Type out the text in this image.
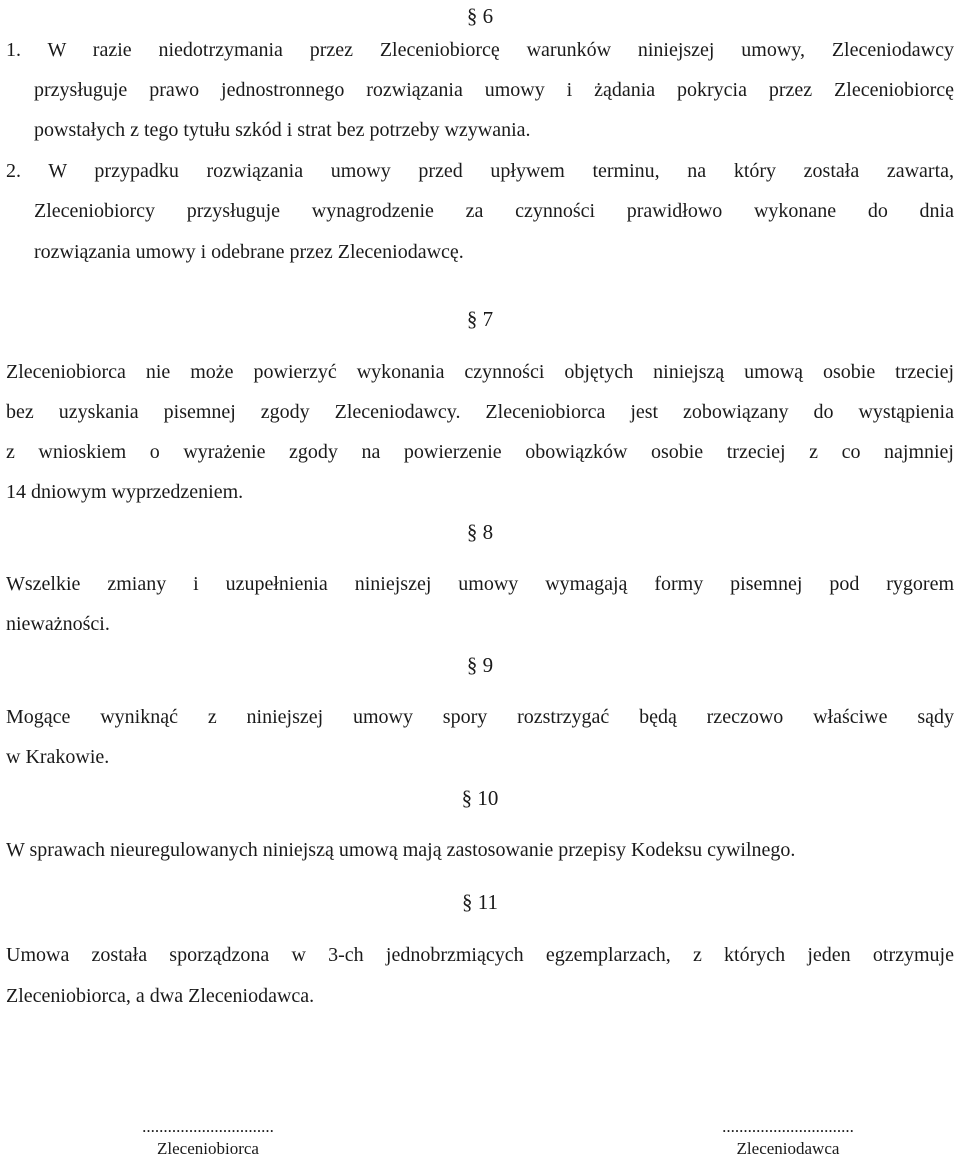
§ 6

1. W razie niedotrzymania przez Zleceniobiorcę warunków niniejszej umowy, Zleceniodawcy

przysługuje prawo jednostronnego rozwiązania umowy i żądania pokrycia przez Zleceniobiorcę

powstałych z tego tytułu szkód i strat bez potrzeby wzywania.

2. W przypadku rozwiązania umowy przed upływem terminu, na który została zawarta,

Zleceniobiorcy przysługuje wynagrodzenie za czynności prawidłowo wykonane do dnia

rozwiązania umowy i odebrane przez Zleceniodawcę.

§ 7

Zleceniobiorca nie może powierzyć wykonania czynności objętych niniejszą umową osobie trzeciej

bez uzyskania pisemnej zgody Zleceniodawcy. Zleceniobiorca jest zobowiązany do wystąpienia

z wnioskiem o wyrażenie zgody na powierzenie obowiązków osobie trzeciej z co najmniej

14 dniowym wyprzedzeniem.

§ 8

Wszelkie zmiany i uzupełnienia niniejszej umowy wymagają formy pisemnej pod rygorem

nieważności.

§ 9

Mogące wyniknąć z niniejszej umowy spory rozstrzygać będą rzeczowo właściwe sądy

w Krakowie.

§ 10

W sprawach nieuregulowanych niniejszą umową mają zastosowanie przepisy Kodeksu cywilnego.

§ 11

Umowa została sporządzona w 3-ch jednobrzmiących egzemplarzach, z których jeden otrzymuje

Zleceniobiorca, a dwa Zleceniodawca.

...............................
Zleceniobiorca
...............................
Zleceniodawca
